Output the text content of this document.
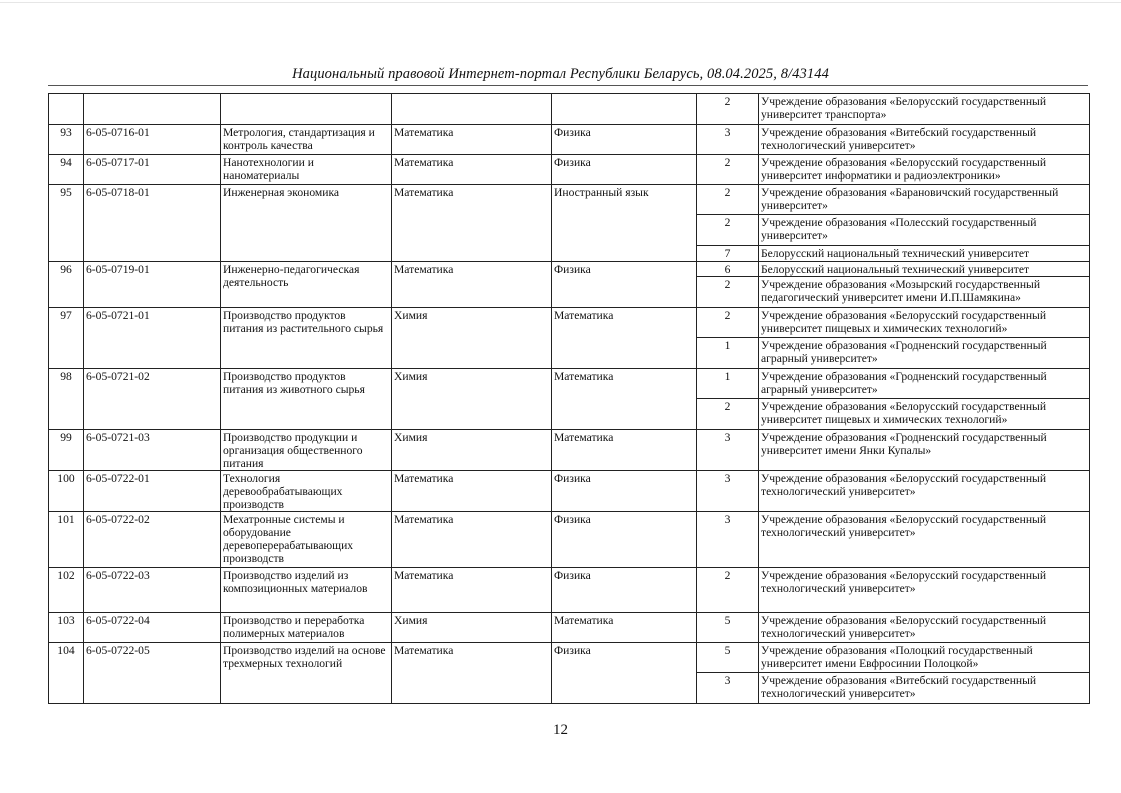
Национальный правовой Интернет-портал Республики Беларусь, 08.04.2025, 8/43144
					2	Учреждение образования «Белорусский государственный университет транспорта»
93	6-05-0716-01	Метрология, стандартизация и контроль качества	Математика	Физика	3	Учреждение образования «Витебский государственный технологический университет»
94	6-05-0717-01	Нанотехнологии и наноматериалы	Математика	Физика	2	Учреждение образования «Белорусский государственный университет информатики и радиоэлектроники»
95	6-05-0718-01	Инженерная экономика	Математика	Иностранный язык	2	Учреждение образования «Барановичский государственный университет»
					2	Учреждение образования «Полесский государственный университет»
					7	Белорусский национальный технический университет
96	6-05-0719-01	Инженерно-педагогическая деятельность	Математика	Физика	6	Белорусский национальный технический университет
					2	Учреждение образования «Мозырский государственный педагогический университет имени И.П.Шамякина»
97	6-05-0721-01	Производство продуктов питания из растительного сырья	Химия	Математика	2	Учреждение образования «Белорусский государственный университет пищевых и химических технологий»
					1	Учреждение образования «Гродненский государственный аграрный университет»
98	6-05-0721-02	Производство продуктов питания из животного сырья	Химия	Математика	1	Учреждение образования «Гродненский государственный аграрный университет»
					2	Учреждение образования «Белорусский государственный университет пищевых и химических технологий»
99	6-05-0721-03	Производство продукции и организация общественного питания	Химия	Математика	3	Учреждение образования «Гродненский государственный университет имени Янки Купалы»
100	6-05-0722-01	Технология деревообрабатывающих производств	Математика	Физика	3	Учреждение образования «Белорусский государственный технологический университет»
101	6-05-0722-02	Мехатронные системы и оборудование деревоперерабатывающих производств	Математика	Физика	3	Учреждение образования «Белорусский государственный технологический университет»
102	6-05-0722-03	Производство изделий из композиционных материалов	Математика	Физика	2	Учреждение образования «Белорусский государственный технологический университет»
103	6-05-0722-04	Производство и переработка полимерных материалов	Химия	Математика	5	Учреждение образования «Белорусский государственный технологический университет»
104	6-05-0722-05	Производство изделий на основе трехмерных технологий	Математика	Физика	5	Учреждение образования «Полоцкий государственный университет имени Евфросинии Полоцкой»
					3	Учреждение образования «Витебский государственный технологический университет»
12
